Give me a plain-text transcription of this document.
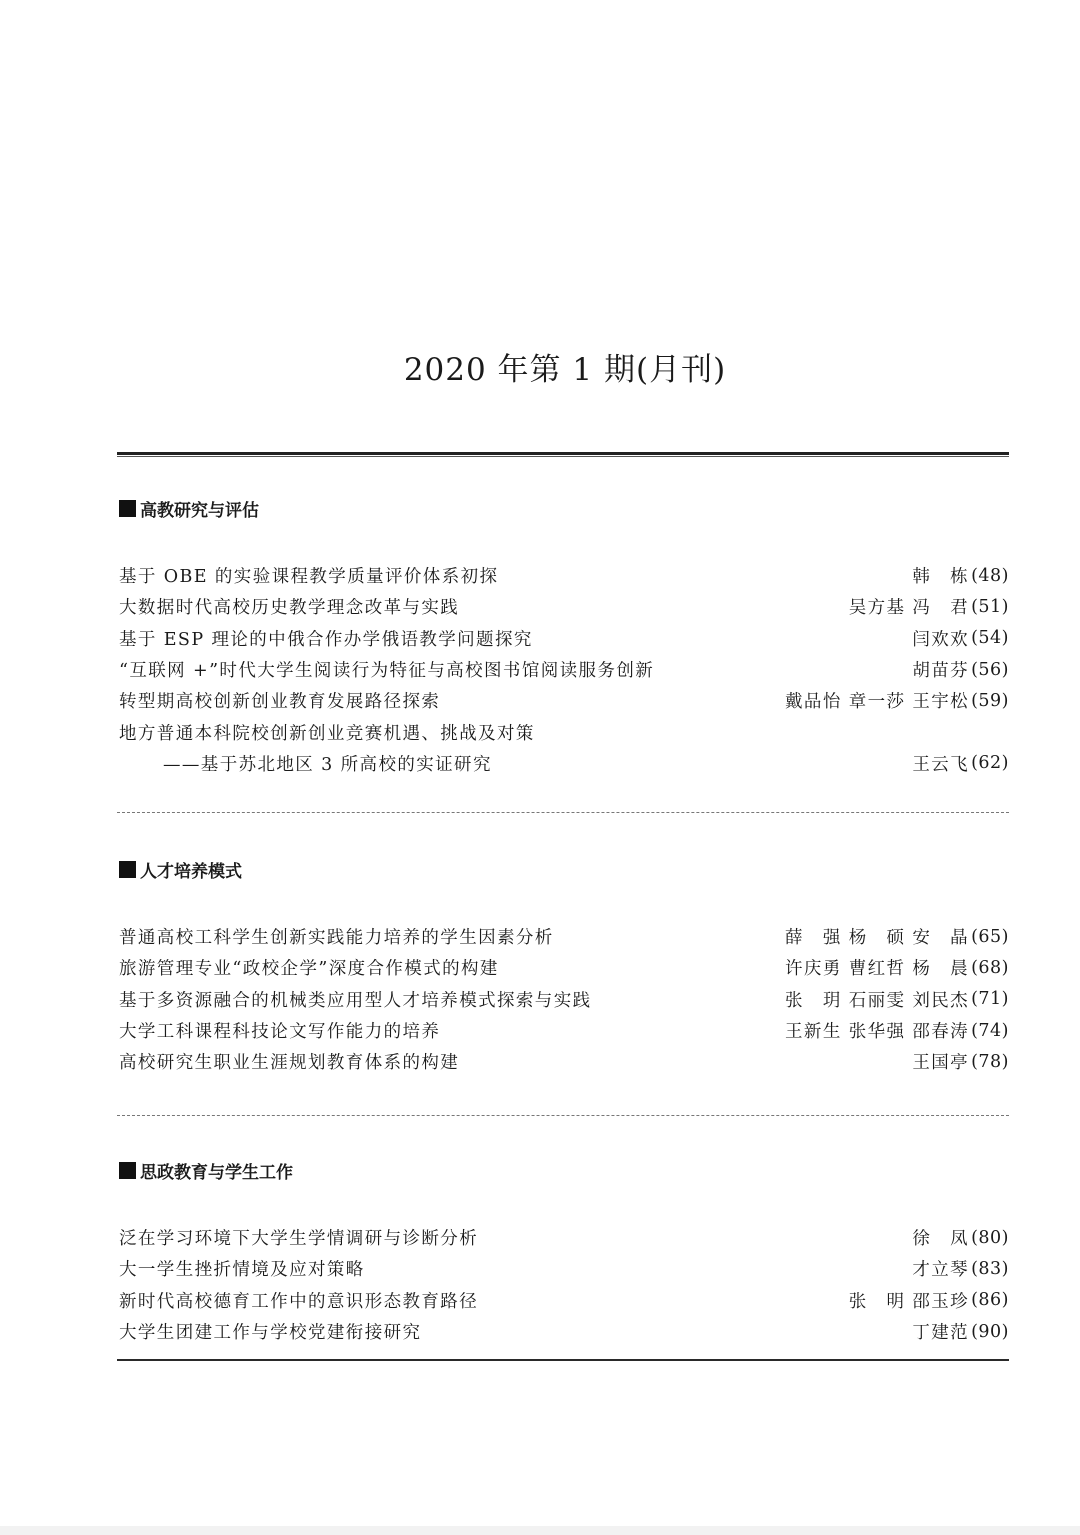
2020 年第 1 期(月刊)
高教研究与评估
基于 OBE 的实验课程教学质量评价体系初探	韩　栋 (48)
大数据时代高校历史教学理念改革与实践	吴方基 冯　君 (51)
基于 ESP 理论的中俄合作办学俄语教学问题探究	闫欢欢 (54)
“互联网 +”时代大学生阅读行为特征与高校图书馆阅读服务创新	胡苗芬 (56)
转型期高校创新创业教育发展路径探索	戴品怡 章一莎 王宇松 (59)
地方普通本科院校创新创业竞赛机遇、挑战及对策
——基于苏北地区 3 所高校的实证研究	王云飞 (62)
人才培养模式
普通高校工科学生创新实践能力培养的学生因素分析	薛　强 杨　硕 安　晶 (65)
旅游管理专业“政校企学”深度合作模式的构建	许庆勇 曹红哲 杨　晨 (68)
基于多资源融合的机械类应用型人才培养模式探索与实践	张　玥 石丽雯 刘民杰 (71)
大学工科课程科技论文写作能力的培养	王新生 张华强 邵春涛 (74)
高校研究生职业生涯规划教育体系的构建	王国亭 (78)
思政教育与学生工作
泛在学习环境下大学生学情调研与诊断分析	徐　凤 (80)
大一学生挫折情境及应对策略	才立琴 (83)
新时代高校德育工作中的意识形态教育路径	张　明 邵玉珍 (86)
大学生团建工作与学校党建衔接研究	丁建范 (90)
